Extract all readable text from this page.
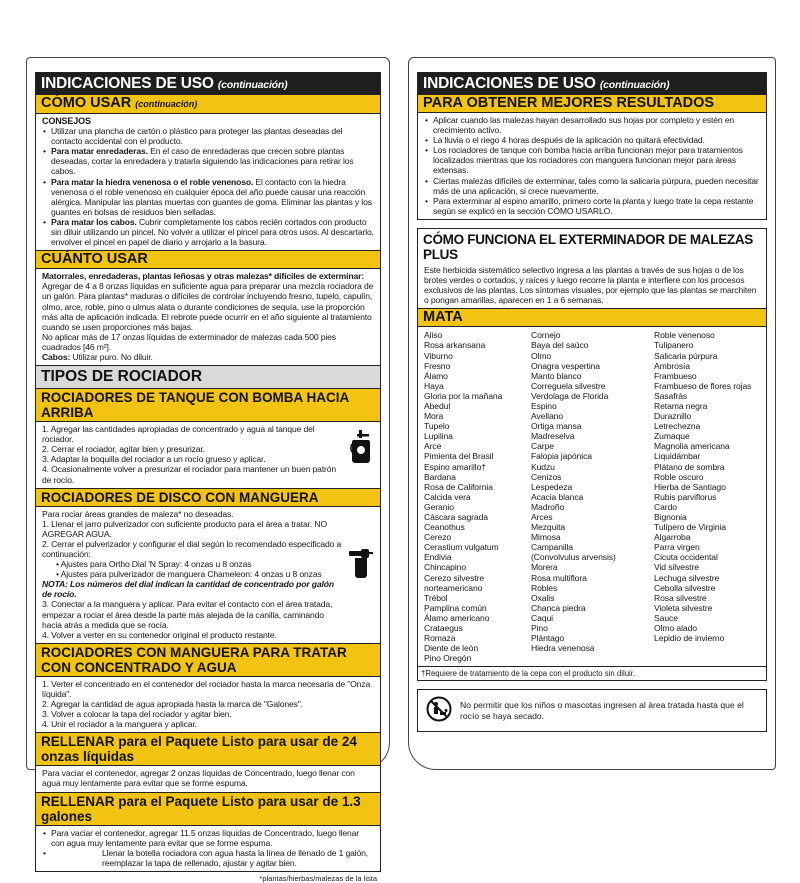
INDICACIONES DE USO (continuación)
CÓMO USAR (continuación)
CONSEJOS
• Utilizar una plancha de cartón o plástico para proteger las plantas deseadas del contacto accidental con el producto.
• Para matar enredaderas. En el caso de enredaderas que crecen sobre plantas deseadas, cortar la enredadera y tratarla siguiendo las indicaciones para retirar los cabos.
• Para matar la hiedra venenosa o el roble venenoso. El contacto con la hiedra venenosa o el roble venenoso en cualquier época del año puede causar una reacción alérgica. Manipular las plantas muertas con guantes de goma. Eliminar las plantas y los guantes en bolsas de residuos bien selladas.
• Para matar los cabos. Cubrir completamente los cabos recién cortados con producto sin diluir utilizando un pincel. No volver a utilizar el pincel para otros usos. Al descartarlo, envolver el pincel en papel de diario y arrojarlo a la basura.
CUÁNTO USAR
Matorrales, enredaderas, plantas leñosas y otras malezas* difíciles de exterminar: Agregar de 4 a 8 onzas líquidas en suficiente agua para preparar una mezcla rociadora de un galón. Para plantas* maduras o difíciles de controlar incluyendo fresno, tupelo, capulín, olmo, arce, roble, pino o ulmus alata o durante condiciones de sequía, use la proporción más alta de aplicación indicada. El rebrote puede ocurrir en el año siguiente al tratamiento cuando se usen proporciones más bajas.
No aplicar más de 17 onzas líquidas de exterminador de malezas cada 500 pies cuadrados [46 m²].
Cabos: Utilizar puro. No diluir.
TIPOS DE ROCIADOR
ROCIADORES DE TANQUE CON BOMBA HACIA ARRIBA
1. Agregar las cantidades apropiadas de concentrado y agua al tanque del rociador.
2. Cerrar el rociador, agitar bien y presurizar.
3. Adaptar la boquilla del rociador a un rocío grueso y aplicar.
4. Ocasionalmente volver a presurizar el rociador para mantener un buen patrón de rocío.
ROCIADORES DE DISCO CON MANGUERA
Para rociar áreas grandes de maleza* no deseadas.
1. Llenar el jarro pulverizador con suficiente producto para el área a tratar. NO AGREGAR AGUA.
2. Cerrar el pulverizador y configurar el dial según lo recomendado especificado a continuación:
• Ajustes para Ortho Dial 'N Spray: 4 onzas u 8 onzas
• Ajustes para pulverizador de manguera Chameleon: 4 onzas u 8 onzas
NOTA: Los números del dial indican la cantidad de concentrado por galón de rocío.
3. Conectar a la manguera y aplicar. Para evitar el contacto con el área tratada, empezar a rociar el área desde la parte más alejada de la canilla, caminando hacia atrás a medida que se rocía.
4. Volver a verter en su contenedor original el producto restante.
ROCIADORES CON MANGUERA PARA TRATAR CON CONCENTRADO Y AGUA
1. Verter el concentrado en el contenedor del rociador hasta la marca necesaria de "Onza líquida".
2. Agregar la cantidad de agua apropiada hasta la marca de "Galones".
3. Volver a colocar la tapa del rociador y agitar bien.
4. Unir el rociador a la manguera y aplicar.
RELLENAR para el Paquete Listo para usar de 24 onzas líquidas
Para vaciar el contenedor, agregar 2 onzas líquidas de Concentrado, luego llenar con agua muy lentamente para evitar que se forme espuma.
RELLENAR para el Paquete Listo para usar de 1.3 galones
• Para vaciar el contenedor, agregar 11.5 onzas líquidas de Concentrado, luego llenar con agua muy lentamente para evitar que se forme espuma.
• Llenar la botella rociadora con agua hasta la línea de llenado de 1 galón, reemplazar la tapa de rellenado, ajustar y agitar bien.
*plantas/hierbas/malezas de la lista
INDICACIONES DE USO (continuación)
PARA OBTENER MEJORES RESULTADOS
• Aplicar cuando las malezas hayan desarrollado sus hojas por completo y estén en crecimiento activo.
• La lluvia o el riego 4 horas después de la aplicación no quitará efectividad.
• Los rociadores de tanque con bomba hacia arriba funcionan mejor para tratamientos localizados mientras que los rociadores con manguera funcionan mejor para áreas extensas.
• Ciertas malezas difíciles de exterminar, tales como la salicaria púrpura, pueden necesitar más de una aplicación, si crece nuevamente.
• Para exterminar al espino amarillo, primero corte la planta y luego trate la cepa restante según se explicó en la sección CÓMO USARLO.
CÓMO FUNCIONA EL EXTERMINADOR DE MALEZAS PLUS
Este herbicida sistemático selectivo ingresa a las plantas a través de sus hojas o de los brotes verdes o cortados, y raíces y luego recorre la planta e interfiere con los procesos exclusivos de las plantas. Los síntomas visuales, por ejemplo que las plantas se marchiten o pongan amarillas, aparecen en 1 a 6 semanas.
MATA
Aliso
Rosa arkansana
Viburno
Fresno
Álamo
Haya
Gloria por la mañana
Abedul
Mora
Tupelo
Lupilina
Arce
Pimienta del Brasil
Espino amarillo†
Bardana
Rosa de California
Calcida vera
Geranio
Cáscara sagrada
Ceanothus
Cerezo
Cerastium vulgatum
Endivia
Chincapino
Cerezo silvestre norteamericano
Trébol
Pamplina común
Álamo americano
Crataegus
Romaza
Diente de león
Pino Oregón
Cornejo
Baya del saúco
Olmo
Onagra vespertina
Manto blanco
Correguela silvestre
Verdolaga de Florida
Espino
Avellano
Ortiga mansa
Madreselva
Carpe
Falopia japónica
Kudzu
Cenizos
Lespedeza
Acacia blanca
Madroño
Arces
Mezquita
Mimosa
Campanilla
(Convolvulus arvensis)
Morera
Rosa multiflora
Robles
Oxalis
Chanca piedra
Caqui
Pino
Plántago
Hiedra venenosa
Roble venenoso
Tulipanero
Salicaria púrpura
Ambrosía
Frambueso
Frambueso de flores rojas
Sasafrás
Retama negra
Duraznillo
Letrechezna
Zumaque
Magnolia americana
Liquidámbar
Plátano de sombra
Roble oscuro
Hierba de Santiago
Rubis parviflorus
Cardo
Bignonia
Tulípero de Virginia
Algarroba
Parra virgen
Cicuta occidental
Vid silvestre
Lechuga silvestre
Cebolla silvestre
Rosa silvestre
Violeta silvestre
Sauce
Olmo alado
Lepidio de invierno
†Requiere de tratamiento de la cepa con el producto sin diluir.
No permitir que los niños o mascotas ingresen al área tratada hasta que el rocío se haya secado.
